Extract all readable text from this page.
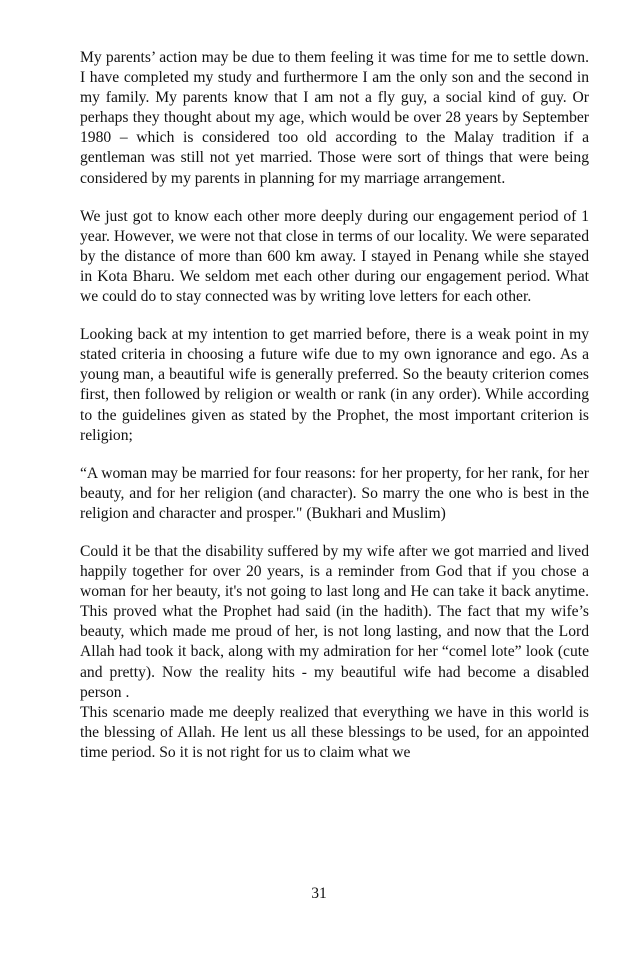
My parents’ action may be due to them feeling it was time for me to settle down. I have completed my study and furthermore I am the only son and the second in my family. My parents know that I am not a fly guy, a social kind of guy. Or perhaps they thought about my age, which would be over 28 years by September 1980 – which is considered too old according to the Malay tradition if a gentleman was still not yet married. Those were sort of things that were being considered by my parents in planning for my marriage arrangement.

We just got to know each other more deeply during our engagement period of 1 year. However, we were not that close in terms of our locality. We were separated by the distance of more than 600 km away. I stayed in Penang while she stayed in Kota Bharu. We seldom met each other during our engagement period. What we could do to stay connected was by writing love letters for each other.

Looking back at my intention to get married before, there is a weak point in my stated criteria in choosing a future wife due to my own ignorance and ego. As a young man, a beautiful wife is generally preferred. So the beauty criterion comes first, then followed by religion or wealth or rank (in any order). While according to the guidelines given as stated by the Prophet, the most important criterion is religion;

“A woman may be married for four reasons: for her property, for her rank, for her beauty, and for her religion (and character). So marry the one who is best in the religion and character and prosper." (Bukhari and Muslim)

Could it be that the disability suffered by my wife after we got married and lived happily together for over 20 years, is a reminder from God that if you chose a woman for her beauty, it's not going to last long and He can take it back anytime. This proved what the Prophet had said (in the hadith). The fact that my wife’s beauty, which made me proud of her, is not long lasting, and now that the Lord Allah had took it back, along with my admiration for her “comel lote” look (cute and pretty). Now the reality hits - my beautiful wife had become a disabled person .

This scenario made me deeply realized that everything we have in this world is the blessing of Allah. He lent us all these blessings to be used, for an appointed time period. So it is not right for us to claim what we

31
